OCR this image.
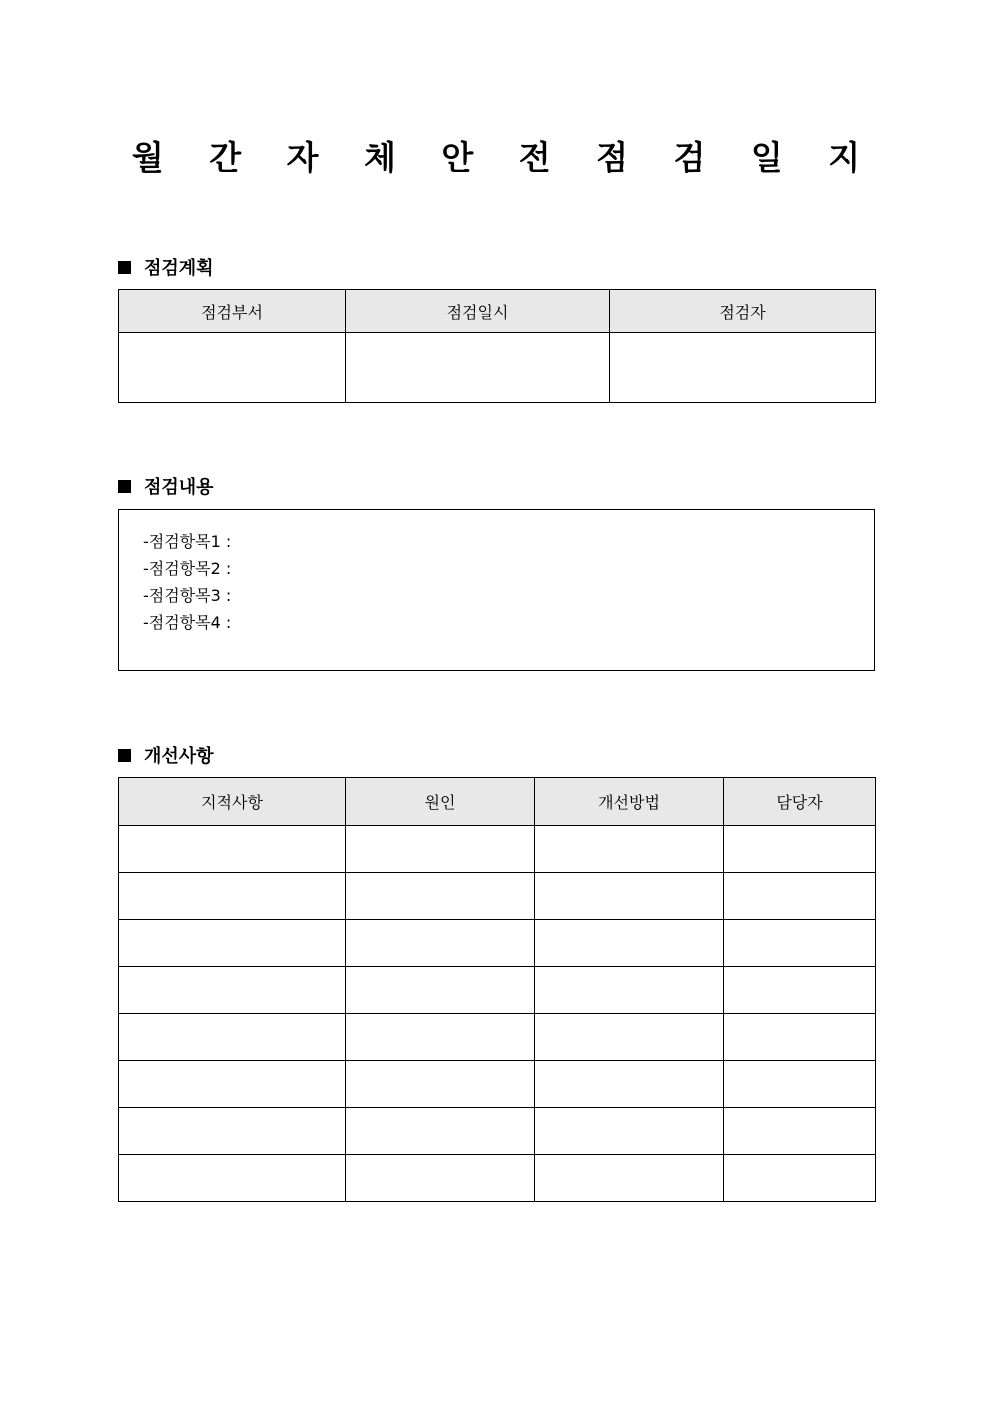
월 간 자 체 안 전 점 검 일 지
점검계획
점검부서	점검일시	점검자

점검내용
-점검항목1 :
-점검항목2 :
-점검항목3 :
-점검항목4 :
개선사항
지적사항	원인	개선방법	담당자
